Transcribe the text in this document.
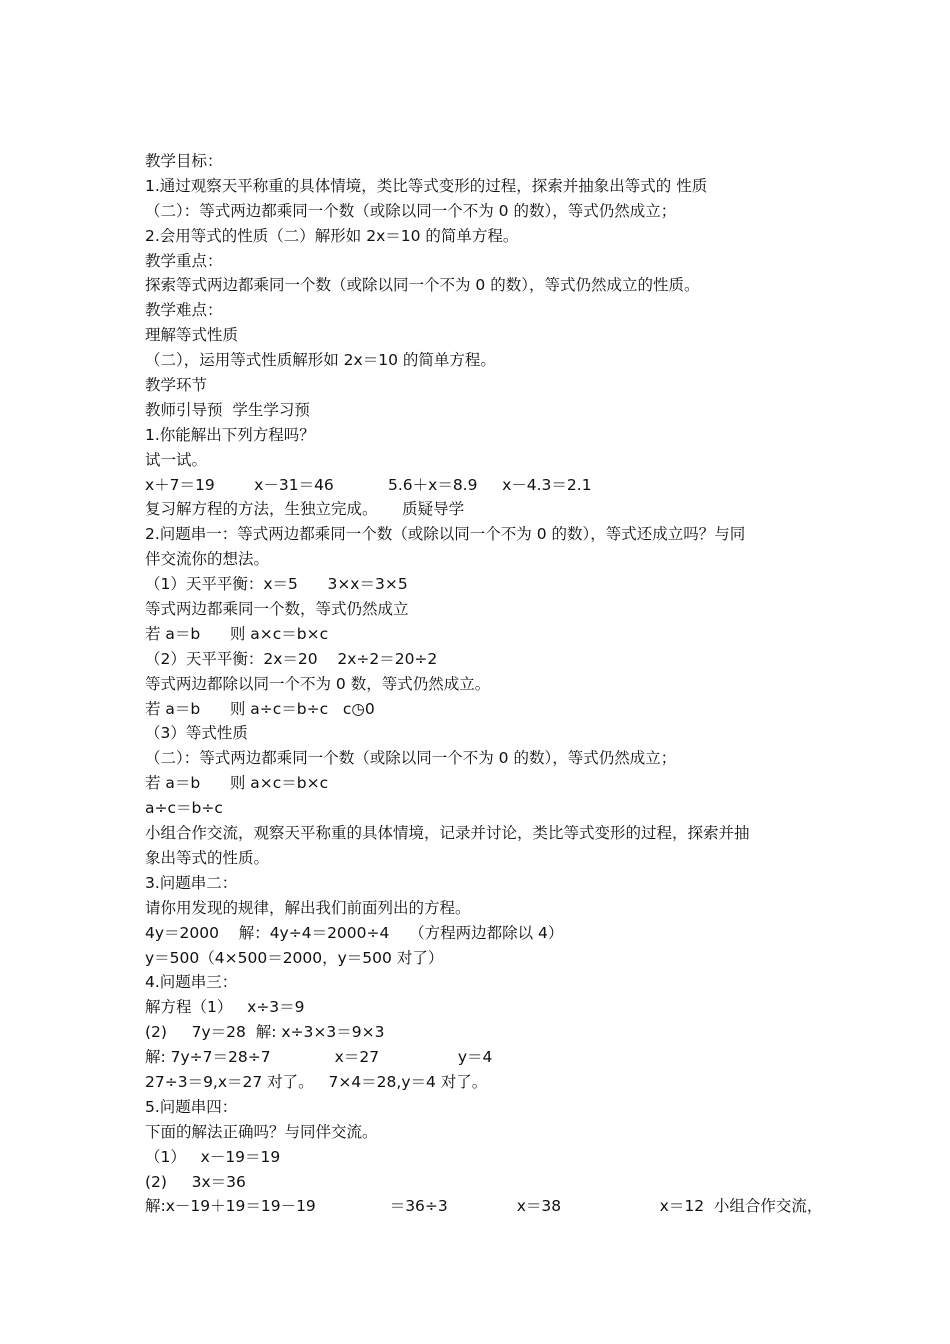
教学目标：

1.通过观察天平称重的具体情境，类比等式变形的过程，探索并抽象出等式的 性质

（二）：等式两边都乘同一个数（或除以同一个不为 0 的数），等式仍然成立；

2.会用等式的性质（二）解形如 2x＝10 的简单方程。

教学重点：

探索等式两边都乘同一个数（或除以同一个不为 0 的数），等式仍然成立的性质。

教学难点：

理解等式性质

（二），运用等式性质解形如 2x＝10 的简单方程。

教学环节

教师引导预  学生学习预

1.你能解出下列方程吗？

试一试。

x＋7＝19        x－31＝46           5.6＋x＝8.9     x－4.3＝2.1

复习解方程的方法，生独立完成。     质疑导学

2.问题串一：等式两边都乘同一个数（或除以同一个不为 0 的数），等式还成立吗？与同

伴交流你的想法。

（1）天平平衡：x＝5      3×x＝3×5

等式两边都乘同一个数，等式仍然成立

若 a＝b      则 a×c＝b×c

（2）天平平衡：2x＝20    2x÷2＝20÷2

等式两边都除以同一个不为 0 数，等式仍然成立。

若 a＝b      则 a÷c＝b÷c   c◷0

（3）等式性质

（二）：等式两边都乘同一个数（或除以同一个不为 0 的数），等式仍然成立；

若 a＝b      则 a×c＝b×c

a÷c＝b÷c

小组合作交流，观察天平称重的具体情境，记录并讨论，类比等式变形的过程，探索并抽

象出等式的性质。

3.问题串二：

请你用发现的规律，解出我们前面列出的方程。

4y＝2000    解：4y÷4＝2000÷4    （方程两边都除以 4）

y＝500（4×500＝2000，y＝500 对了）

4.问题串三：

解方程（1）   x÷3＝9

(2)     7y＝28  解: x÷3×3＝9×3

解: 7y÷7＝28÷7             x＝27                y＝4

27÷3＝9,x＝27 对了。   7×4＝28,y＝4 对了。

5.问题串四：

下面的解法正确吗？与同伴交流。

（1）   x－19＝19

(2)     3x＝36

解:x－19＋19＝19－19               ＝36÷3              x＝38                    x＝12  小组合作交流，
